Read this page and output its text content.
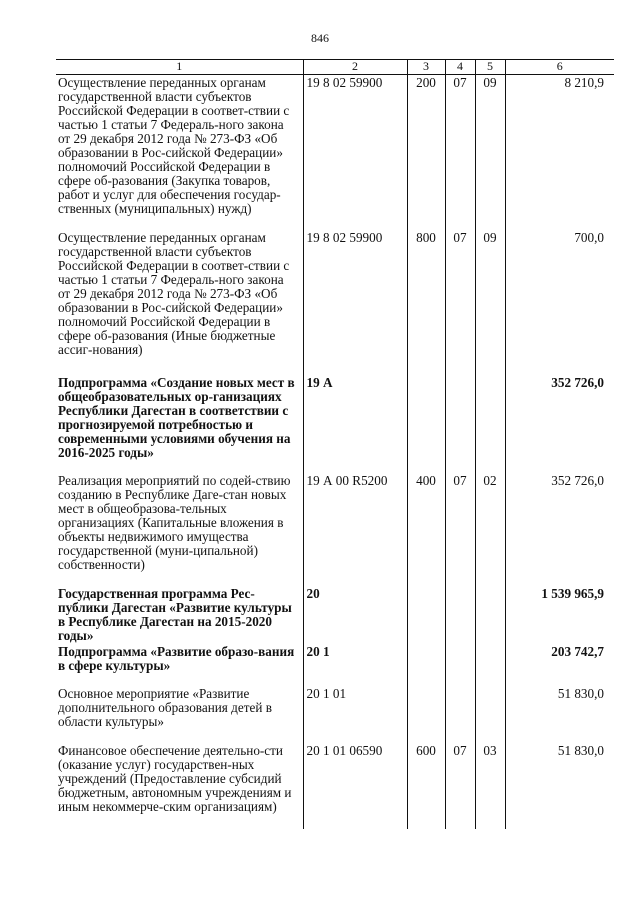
846
1	2	3	4	5	6
Осуществление переданных органам государственной власти субъектов Российской Федерации в соответ-ствии с частью 1 статьи 7 Федераль-ного закона от 29 декабря 2012 года № 273-ФЗ «Об образовании в Рос-сийской Федерации» полномочий Российской Федерации в сфере об-разования (Закупка товаров, работ и услуг для обеспечения государ-ственных (муниципальных) нужд)	19 8 02 59900	200	07	09	8 210,9
Осуществление переданных органам государственной власти субъектов Российской Федерации в соответ-ствии с частью 1 статьи 7 Федераль-ного закона от 29 декабря 2012 года № 273-ФЗ «Об образовании в Рос-сийской Федерации» полномочий Российской Федерации в сфере об-разования (Иные бюджетные ассиг-нования)	19 8 02 59900	800	07	09	700,0
Подпрограмма «Создание новых мест в общеобразовательных ор-ганизациях Республики Дагестан в соответствии с прогнозируемой потребностью и современными условиями обучения на 2016-2025 годы»	19 А				352 726,0
Реализация мероприятий по содей-ствию созданию в Республике Даге-стан новых мест в общеобразова-тельных организациях (Капитальные вложения в объекты недвижимого имущества государственной (муни-ципальной) собственности)	19 А 00 R5200	400	07	02	352 726,0
Государственная программа Рес-публики Дагестан «Развитие культуры в Республике Дагестан на 2015-2020 годы»	20				1 539 965,9
Подпрограмма «Развитие образо-вания в сфере культуры»	20 1				203 742,7
Основное мероприятие «Развитие дополнительного образования детей в области культуры»	20 1 01				51 830,0
Финансовое обеспечение деятельно-сти (оказание услуг) государствен-ных учреждений (Предоставление субсидий бюджетным, автономным учреждениям и иным некоммерче-ским организациям)	20 1 01 06590	600	07	03	51 830,0
